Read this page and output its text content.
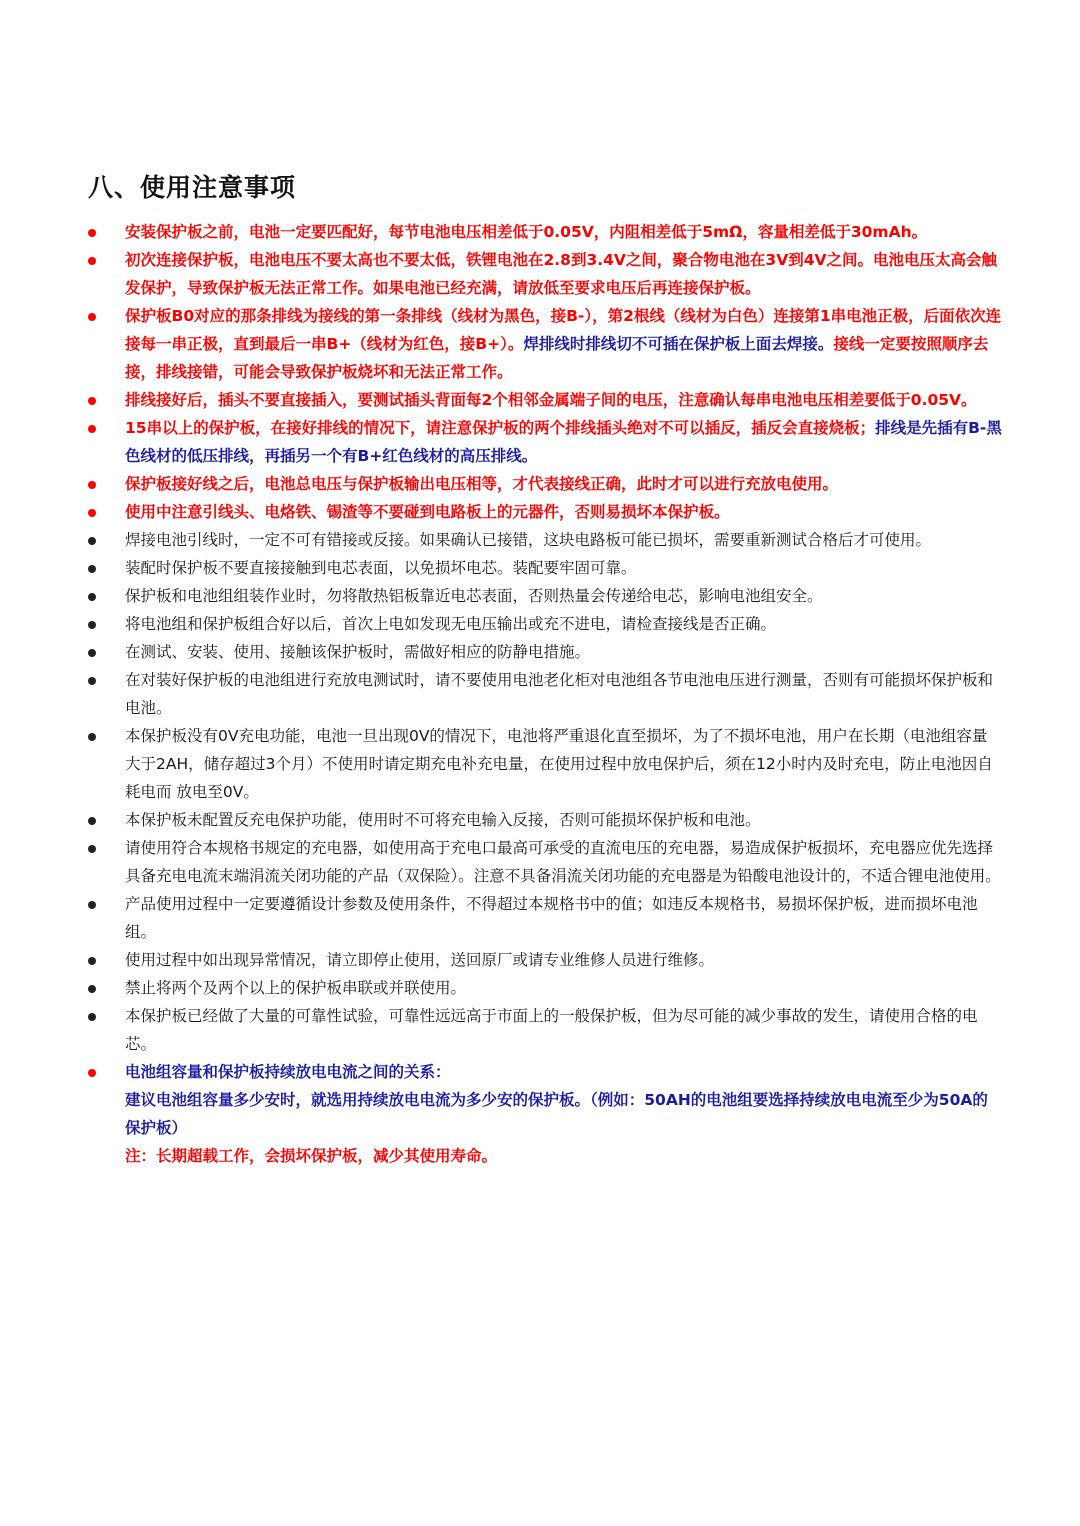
八、使用注意事项
安装保护板之前，电池一定要匹配好，每节电池电压相差低于0.05V，内阻相差低于5mΩ，容量相差低于30mAh。
初次连接保护板，电池电压不要太高也不要太低，铁锂电池在2.8到3.4V之间，聚合物电池在3V到4V之间。电池电压太高会触发保护，导致保护板无法正常工作。如果电池已经充满，请放低至要求电压后再连接保护板。
保护板B0对应的那条排线为接线的第一条排线（线材为黑色，接B-），第2根线（线材为白色）连接第1串电池正极，后面依次连接每一串正极，直到最后一串B+（线材为红色，接B+）。焊排线时排线切不可插在保护板上面去焊接。接线一定要按照顺序去接，排线接错，可能会导致保护板烧坏和无法正常工作。
排线接好后，插头不要直接插入，要测试插头背面每2个相邻金属端子间的电压，注意确认每串电池电压相差要低于0.05V。
15串以上的保护板，在接好排线的情况下，请注意保护板的两个排线插头绝对不可以插反，插反会直接烧板；排线是先插有B-黑色线材的低压排线，再插另一个有B+红色线材的高压排线。
保护板接好线之后，电池总电压与保护板输出电压相等，才代表接线正确，此时才可以进行充放电使用。
使用中注意引线头、电烙铁、锡渣等不要碰到电路板上的元器件，否则易损坏本保护板。
焊接电池引线时，一定不可有错接或反接。如果确认已接错，这块电路板可能已损坏，需要重新测试合格后才可使用。
装配时保护板不要直接接触到电芯表面，以免损坏电芯。装配要牢固可靠。
保护板和电池组组装作业时，勿将散热铝板靠近电芯表面，否则热量会传递给电芯，影响电池组安全。
将电池组和保护板组合好以后，首次上电如发现无电压输出或充不进电，请检查接线是否正确。
在测试、安装、使用、接触该保护板时，需做好相应的防静电措施。
在对装好保护板的电池组进行充放电测试时，请不要使用电池老化柜对电池组各节电池电压进行测量，否则有可能损坏保护板和电池。
本保护板没有0V充电功能，电池一旦出现0V的情况下，电池将严重退化直至损坏，为了不损坏电池，用户在长期（电池组容量大于2AH，储存超过3个月）不使用时请定期充电补充电量，在使用过程中放电保护后，须在12小时内及时充电，防止电池因自耗电而 放电至0V。
本保护板未配置反充电保护功能，使用时不可将充电输入反接，否则可能损坏保护板和电池。
请使用符合本规格书规定的充电器，如使用高于充电口最高可承受的直流电压的充电器，易造成保护板损坏，充电器应优先选择具备充电电流末端涓流关闭功能的产品（双保险）。注意不具备涓流关闭功能的充电器是为铅酸电池设计的，不适合锂电池使用。
产品使用过程中一定要遵循设计参数及使用条件，不得超过本规格书中的值；如违反本规格书，易损坏保护板，进而损坏电池组。
使用过程中如出现异常情况，请立即停止使用，送回原厂或请专业维修人员进行维修。
禁止将两个及两个以上的保护板串联或并联使用。
本保护板已经做了大量的可靠性试验，可靠性远远高于市面上的一般保护板，但为尽可能的减少事故的发生，请使用合格的电芯。
电池组容量和保护板持续放电电流之间的关系：
建议电池组容量多少安时，就选用持续放电电流为多少安的保护板。（例如：50AH的电池组要选择持续放电电流至少为50A的保护板）
注：长期超载工作，会损坏保护板，减少其使用寿命。
